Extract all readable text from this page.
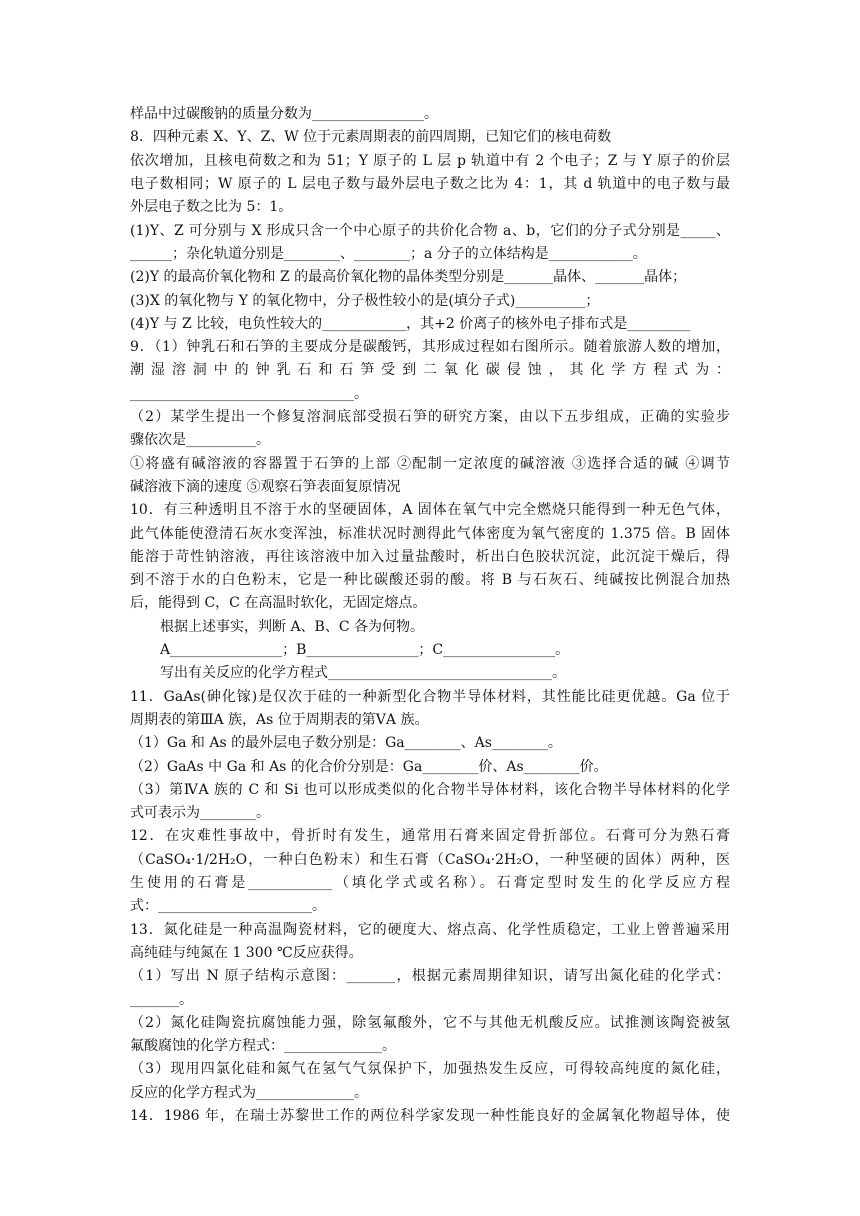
样品中过碳酸钠的质量分数为________________。
8．四种元素 X、Y、Z、W 位于元素周期表的前四周期，已知它们的核电荷数
依次增加，且核电荷数之和为 51；Y 原子的 L 层 p 轨道中有 2 个电子；Z 与 Y 原子的价层
电子数相同；W 原子的 L 层电子数与最外层电子数之比为 4：1，其 d 轨道中的电子数与最
外层电子数之比为 5：1。
(1)Y、Z 可分别与 X 形成只含一个中心原子的共价化合物 a、b，它们的分子式分别是_____、
______；杂化轨道分别是________、________；a 分子的立体结构是____________。
(2)Y 的最高价氧化物和 Z 的最高价氧化物的晶体类型分别是_______晶体、_______晶体；
(3)X 的氧化物与 Y 的氧化物中，分子极性较小的是(填分子式)__________；
(4)Y 与 Z 比较，电负性较大的____________，其+2 价离子的核外电子排布式是_________
9．（1）钟乳石和石笋的主要成分是碳酸钙，其形成过程如右图所示。随着旅游人数的增加，
潮湿溶洞中的钟乳石和石笋受到二氧化碳侵蚀，其化学方程式为：
________________________________。
（2）某学生提出一个修复溶洞底部受损石笋的研究方案，由以下五步组成，正确的实验步
骤依次是__________。
①将盛有碱溶液的容器置于石笋的上部 ②配制一定浓度的碱溶液 ③选择合适的碱 ④调节
碱溶液下滴的速度 ⑤观察石笋表面复原情况
10．有三种透明且不溶于水的坚硬固体，A 固体在氧气中完全燃烧只能得到一种无色气体，
此气体能使澄清石灰水变浑浊，标准状况时测得此气体密度为氧气密度的 1.375 倍。B 固体
能溶于苛性钠溶液，再往该溶液中加入过量盐酸时，析出白色胶状沉淀，此沉淀干燥后，得
到不溶于水的白色粉末，它是一种比碳酸还弱的酸。将 B 与石灰石、纯碱按比例混合加热
后，能得到 C，C 在高温时软化，无固定熔点。
根据上述事实，判断 A、B、C 各为何物。
A________________；B________________；C________________。
写出有关反应的化学方程式________________________________。
11．GaAs(砷化镓)是仅次于硅的一种新型化合物半导体材料，其性能比硅更优越。Ga 位于
周期表的第ⅢA 族，As 位于周期表的第ⅤA 族。
（1）Ga 和 As 的最外层电子数分别是：Ga________、As________。
（2）GaAs 中 Ga 和 As 的化合价分别是：Ga________价、As________价。
（3）第ⅣA 族的 C 和 Si 也可以形成类似的化合物半导体材料，该化合物半导体材料的化学
式可表示为________。
12．在灾难性事故中，骨折时有发生，通常用石膏来固定骨折部位。石膏可分为熟石膏
（CaSO₄·1/2H₂O，一种白色粉末）和生石膏（CaSO₄·2H₂O，一种坚硬的固体）两种，医
生使用的石膏是____________（填化学式或名称）。石膏定型时发生的化学反应方程
式：______________________。
13．氮化硅是一种高温陶瓷材料，它的硬度大、熔点高、化学性质稳定，工业上曾普遍采用
高纯硅与纯氮在 1 300 ℃反应获得。
（1）写出 N 原子结构示意图：_______，根据元素周期律知识，请写出氮化硅的化学式：
_______。
（2）氮化硅陶瓷抗腐蚀能力强，除氢氟酸外，它不与其他无机酸反应。试推测该陶瓷被氢
氟酸腐蚀的化学方程式：______________。
（3）现用四氯化硅和氮气在氢气气氛保护下，加强热发生反应，可得较高纯度的氮化硅，
反应的化学方程式为______________。
14．1986 年，在瑞士苏黎世工作的两位科学家发现一种性能良好的金属氧化物超导体，使
